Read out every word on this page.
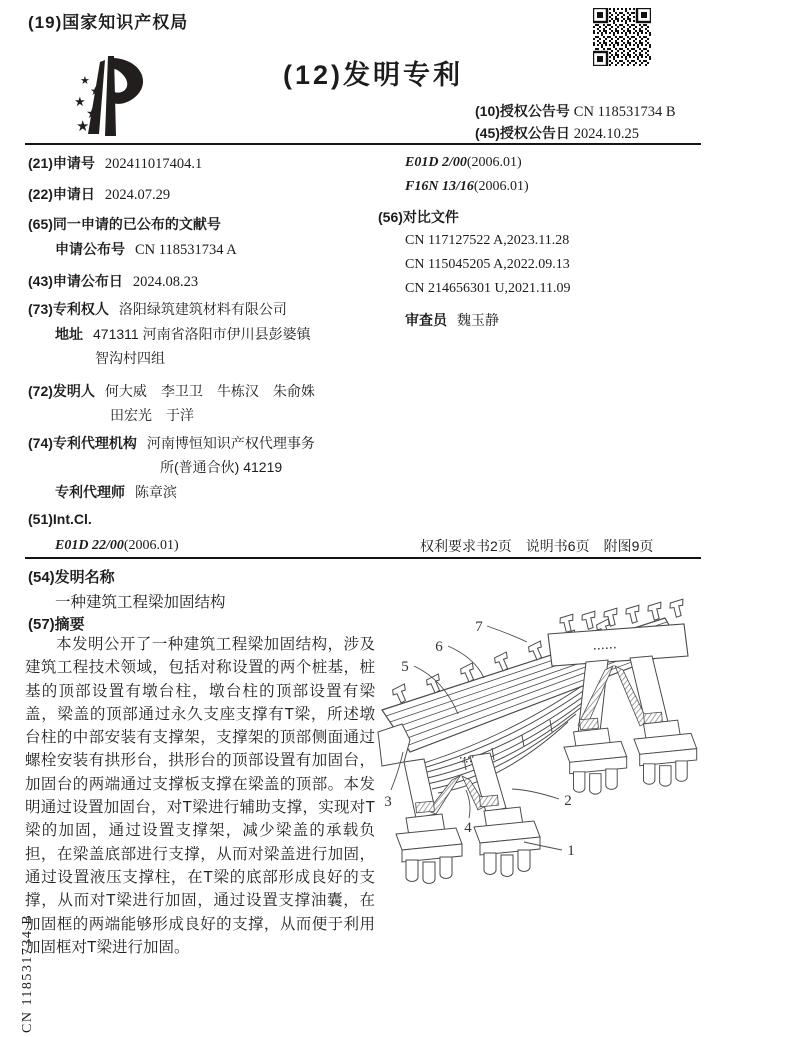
(19)国家知识产权局
★
★
★
★
★
(12)发明专利
(10)授权公告号 CN 118531734 B
(45)授权公告日 2024.10.25
(21)申请号 202411017404.1
(22)申请日 2024.07.29
(65)同一申请的已公布的文献号
申请公布号 CN 118531734 A
(43)申请公布日 2024.08.23
(73)专利权人 洛阳绿筑建筑材料有限公司
地址 471311 河南省洛阳市伊川县彭婆镇
智沟村四组
(72)发明人 何大威　李卫卫　牛栋汉　朱俞姝
田宏光　于洋
(74)专利代理机构 河南博恒知识产权代理事务
所(普通合伙) 41219
专利代理师 陈章滨
(51)Int.Cl.
E01D 22/00(2006.01)
E01D 2/00(2006.01)
F16N 13/16(2006.01)
(56)对比文件
CN 117127522 A,2023.11.28
CN 115045205 A,2022.09.13
CN 214656301 U,2021.11.09
审查员 魏玉静
权利要求书2页　说明书6页　附图9页
(54)发明名称
一种建筑工程梁加固结构
(57)摘要
本发明公开了一种建筑工程梁加固结构，涉及建筑工程技术领域，包括对称设置的两个桩基，桩基的顶部设置有墩台柱，墩台柱的顶部设置有梁盖，梁盖的顶部通过永久支座支撑有T梁，所述墩台柱的中部安装有支撑架，支撑架的顶部侧面通过螺栓安装有拱形台，拱形台的顶部设置有加固台，加固台的两端通过支撑板支撑在梁盖的顶部。本发明通过设置加固台，对T梁进行辅助支撑，实现对T梁的加固，通过设置支撑架，减少梁盖的承载负担，在梁盖底部进行支撑，从而对梁盖进行加固，通过设置液压支撑柱，在T梁的底部形成良好的支撑，从而对T梁进行加固，通过设置支撑油囊，在加固框的两端能够形成良好的支撑，从而便于利用加固框对T梁进行加固。
1
2
3
4
5
6
7
CN 118531734 B
